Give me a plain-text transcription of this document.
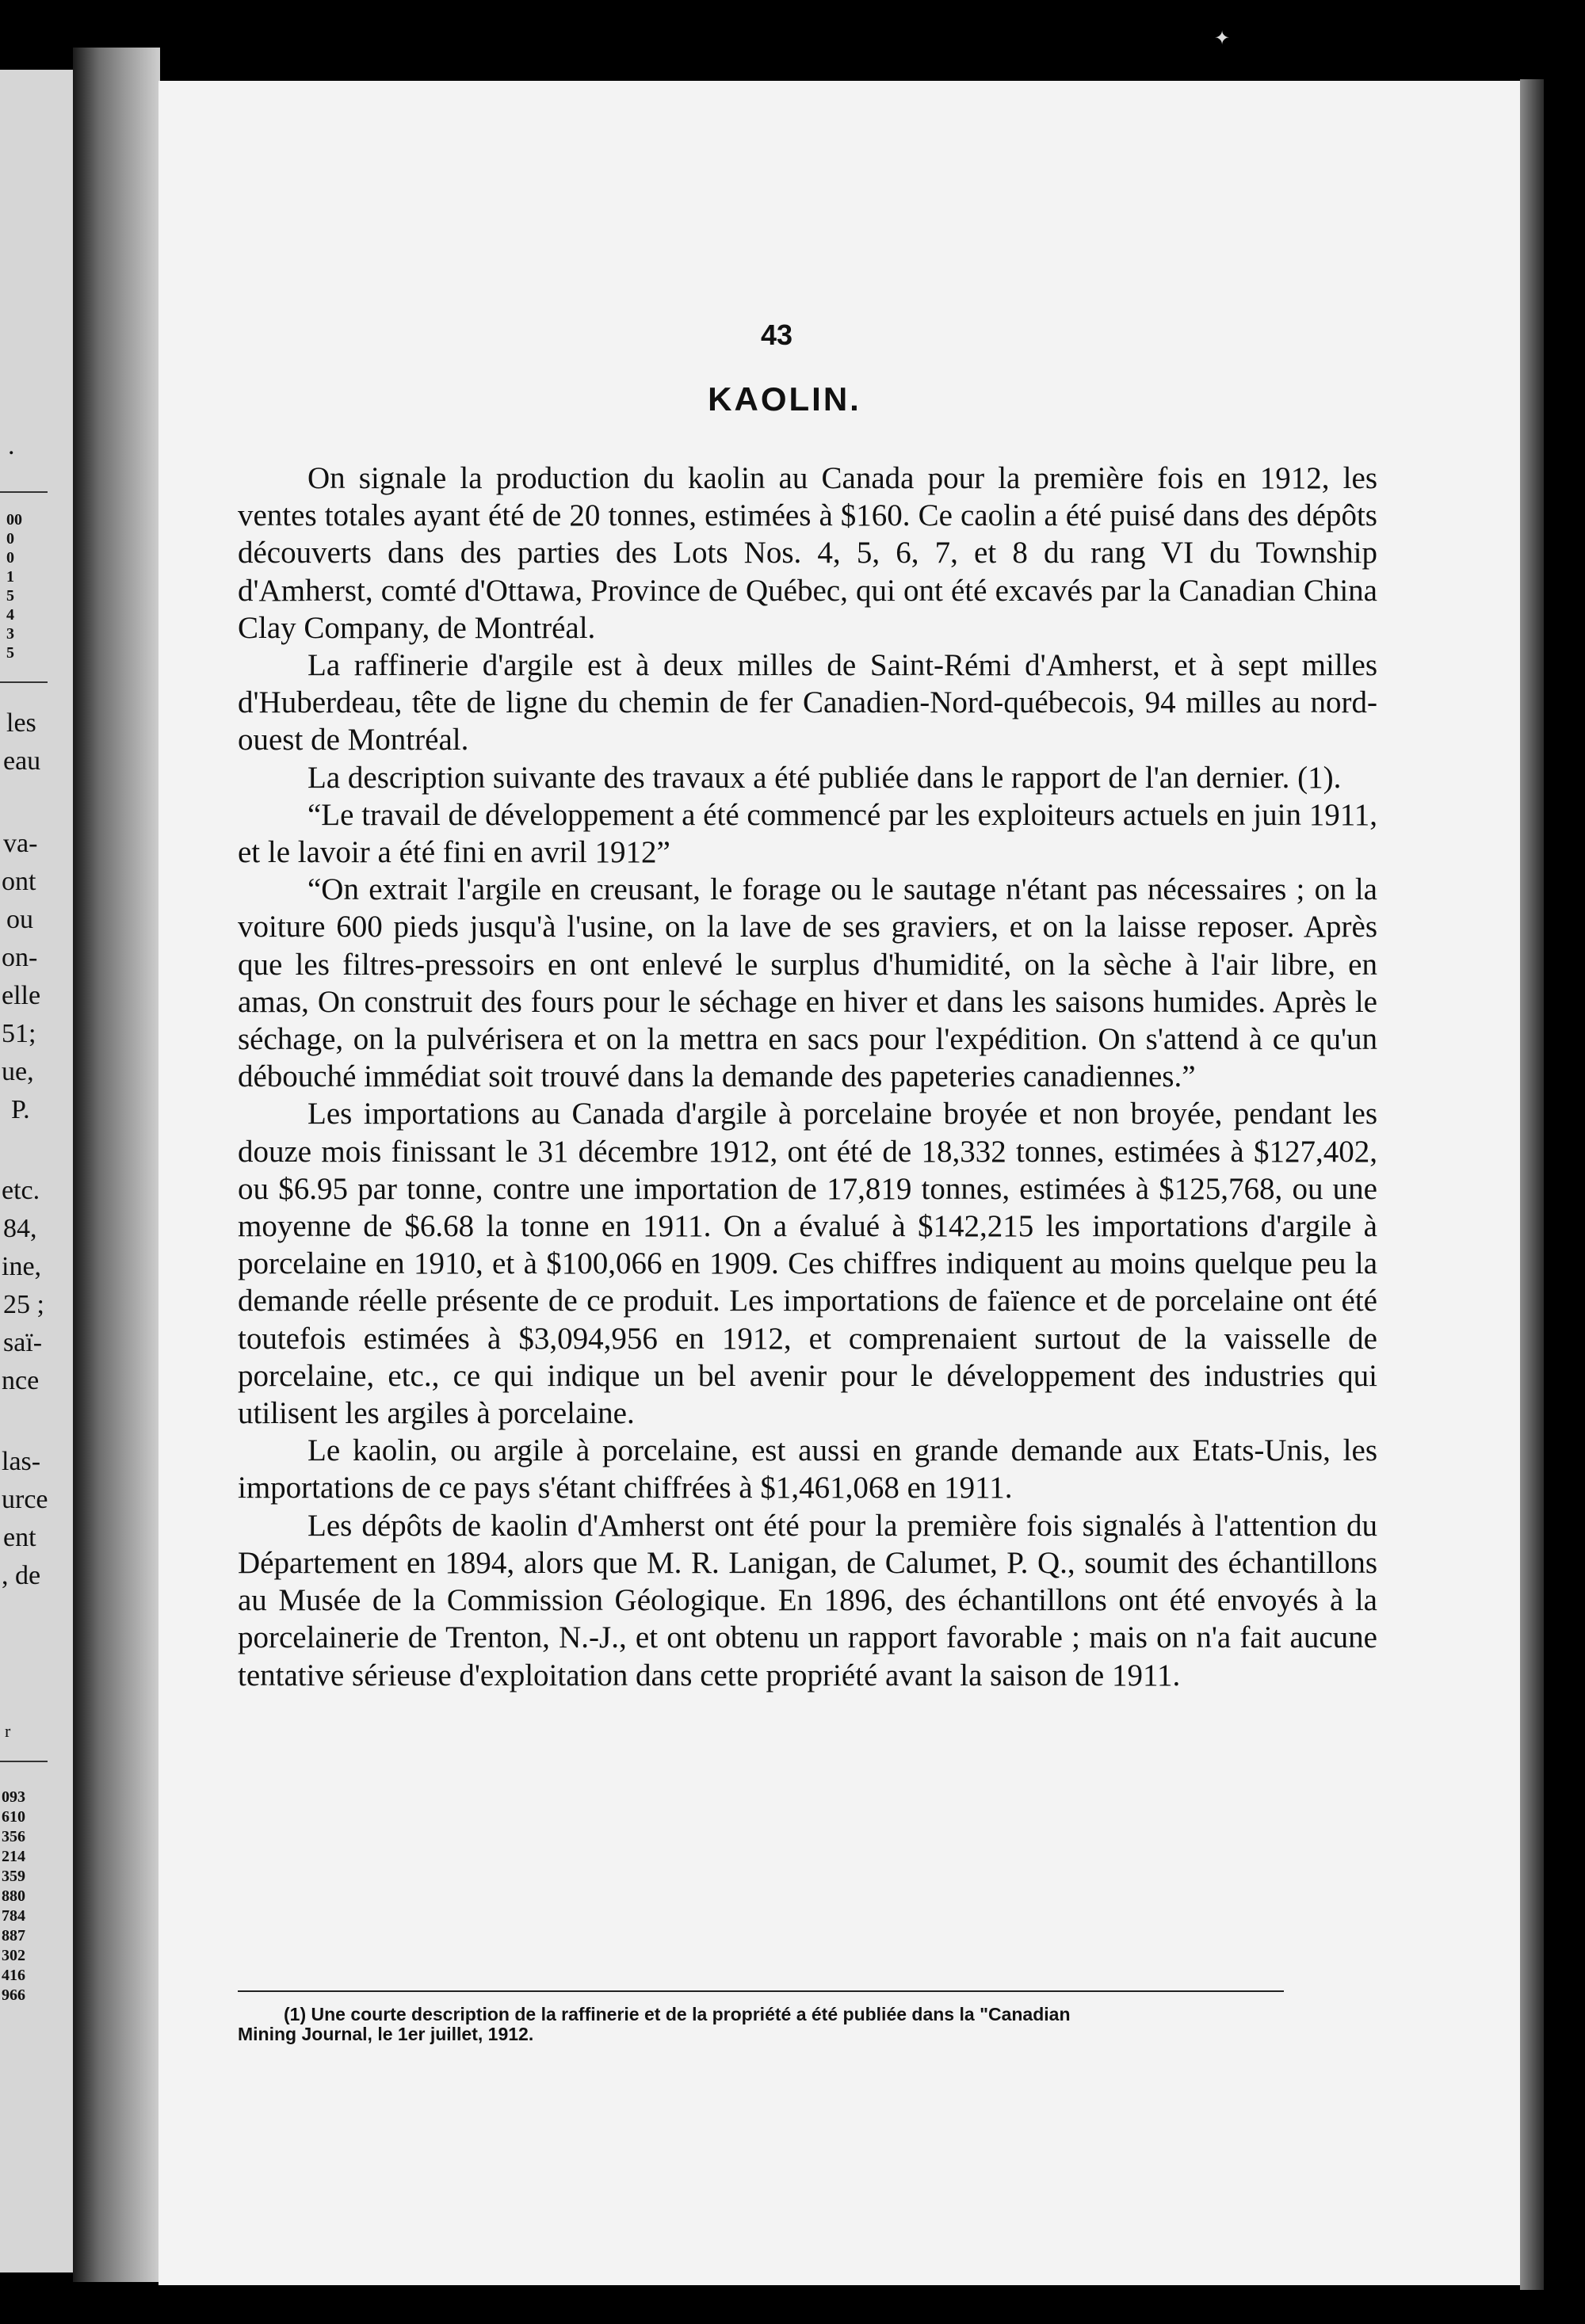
✦
.
00
0
0
1
5
4
3
5
les
eau
va-
ont
ou
on-
elle
51;
ue,
P.
etc.
84,
ine,
25 ;
saï-
nce
las-
urce
ent
, de
r
093
610
356
214
359
880
784
887
302
416
966
43
KAOLIN.

On signale la production du kaolin au Canada pour la première fois en 1912, les ventes totales ayant été de 20 tonnes, estimées à $160. Ce caolin a été puisé dans des dépôts découverts dans des parties des Lots Nos. 4, 5, 6, 7, et 8 du rang VI du Township d'Amherst, comté d'Ottawa, Province de Québec, qui ont été excavés par la Canadian China Clay Company, de Montréal.

La raffinerie d'argile est à deux milles de Saint-Rémi d'Amherst, et à sept milles d'Huberdeau, tête de ligne du chemin de fer Canadien-Nord-québecois, 94 milles au nord-ouest de Montréal.

La description suivante des travaux a été publiée dans le rapport de l'an dernier. (1).

“Le travail de développement a été commencé par les exploiteurs actuels en juin 1911, et le lavoir a été fini en avril 1912”

“On extrait l'argile en creusant, le forage ou le sautage n'étant pas nécessaires ; on la voiture 600 pieds jusqu'à l'usine, on la lave de ses graviers, et on la laisse reposer. Après que les filtres-pressoirs en ont enlevé le surplus d'humidité, on la sèche à l'air libre, en amas, On construit des fours pour le séchage en hiver et dans les saisons humides. Après le séchage, on la pulvérisera et on la mettra en sacs pour l'expédition. On s'attend à ce qu'un débouché immédiat soit trouvé dans la demande des papeteries canadiennes.”

Les importations au Canada d'argile à porcelaine broyée et non broyée, pendant les douze mois finissant le 31 décembre 1912, ont été de 18,332 tonnes, estimées à $127,402, ou $6.95 par tonne, contre une importation de 17,819 tonnes, estimées à $125,768, ou une moyenne de $6.68 la tonne en 1911. On a évalué à $142,215 les importations d'argile à porcelaine en 1910, et à $100,066 en 1909. Ces chiffres indiquent au moins quelque peu la demande réelle présente de ce produit. Les importations de faïence et de porcelaine ont été toutefois estimées à $3,094,956 en 1912, et comprenaient surtout de la vaisselle de porcelaine, etc., ce qui indique un bel avenir pour le développement des industries qui utilisent les argiles à porcelaine.

Le kaolin, ou argile à porcelaine, est aussi en grande demande aux Etats-Unis, les importations de ce pays s'étant chiffrées à $1,461,068 en 1911.

Les dépôts de kaolin d'Amherst ont été pour la première fois signalés à l'attention du Département en 1894, alors que M. R. Lanigan, de Calumet, P. Q., soumit des échantillons au Musée de la Commission Géologique. En 1896, des échantillons ont été envoyés à la porcelainerie de Trenton, N.-J., et ont obtenu un rapport favorable ; mais on n'a fait aucune tentative sérieuse d'exploitation dans cette propriété avant la saison de 1911.

(1) Une courte description de la raffinerie et de la propriété a été publiée dans la "Canadian
Mining Journal, le 1er juillet, 1912.
